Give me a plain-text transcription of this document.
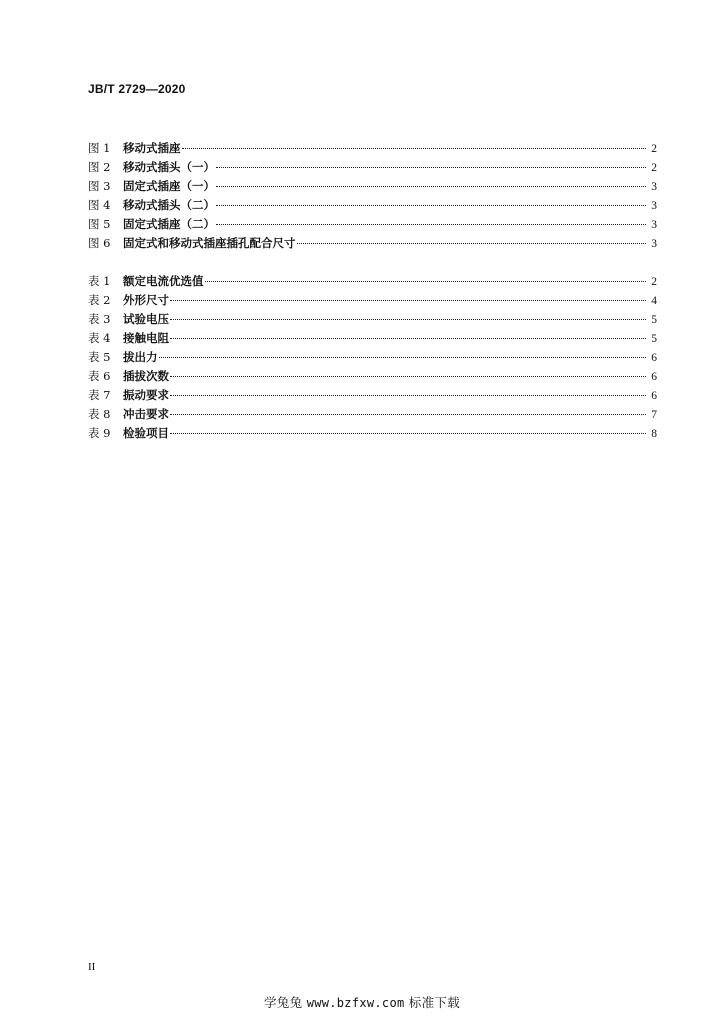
JB/T 2729—2020
图 1	移动式插座	2
图 2	移动式插头（一）	2
图 3	固定式插座（一）	3
图 4	移动式插头（二）	3
图 5	固定式插座（二）	3
图 6	固定式和移动式插座插孔配合尺寸	3
表 1	额定电流优选值	2
表 2	外形尺寸	4
表 3	试验电压	5
表 4	接触电阻	5
表 5	拔出力	6
表 6	插拔次数	6
表 7	振动要求	6
表 8	冲击要求	7
表 9	检验项目	8
II
学兔兔 www.bzfxw.com 标准下载
